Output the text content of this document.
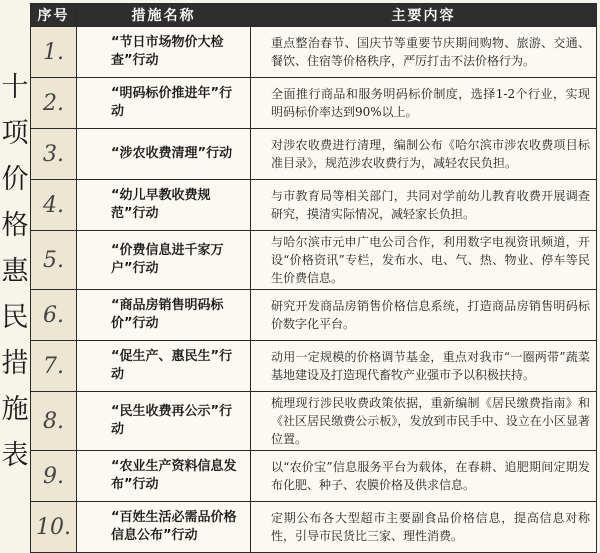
十
项
价
格
惠
民
措
施
表
序号	措施名称	主要内容
1.	“节日市场物价大检查”行动	重点整治春节、国庆节等重要节庆期间购物、旅游、交通、餐饮、住宿等价格秩序，严厉打击不法价格行为。
2.	“明码标价推进年”行动	全面推行商品和服务明码标价制度，选择1-2个行业，实现明码标价率达到90%以上。
3.	“涉农收费清理”行动	对涉农收费进行清理，编制公布《哈尔滨市涉农收费项目标准目录》，规范涉农收费行为，减轻农民负担。
4.	“幼儿早教收费规范”行动	与市教育局等相关部门，共同对学前幼儿教育收费开展调查研究，摸清实际情况，减轻家长负担。
5.	“价费信息进千家万户”行动	与哈尔滨市元申广电公司合作，利用数字电视资讯频道，开设“价格资讯”专栏，发布水、电、气、热、物业、停车等民生价费信息。
6.	“商品房销售明码标价”行动	研究开发商品房销售价格信息系统，打造商品房销售明码标价数字化平台。
7.	“促生产、惠民生”行动	动用一定规模的价格调节基金，重点对我市“一圈两带”蔬菜基地建设及打造现代畜牧产业强市予以积极扶持。
8.	“民生收费再公示”行动	梳理现行涉民收费政策依据，重新编制《居民缴费指南》和《社区居民缴费公示板》，发放到市民手中、设立在小区显著位置。
9.	“农业生产资料信息发布”行动	以“农价宝”信息服务平台为载体，在春耕、追肥期间定期发布化肥、种子、农膜价格及供求信息。
10.	“百姓生活必需品价格信息公布”行动	定期公布各大型超市主要副食品价格信息，提高信息对称性，引导市民货比三家、理性消费。
